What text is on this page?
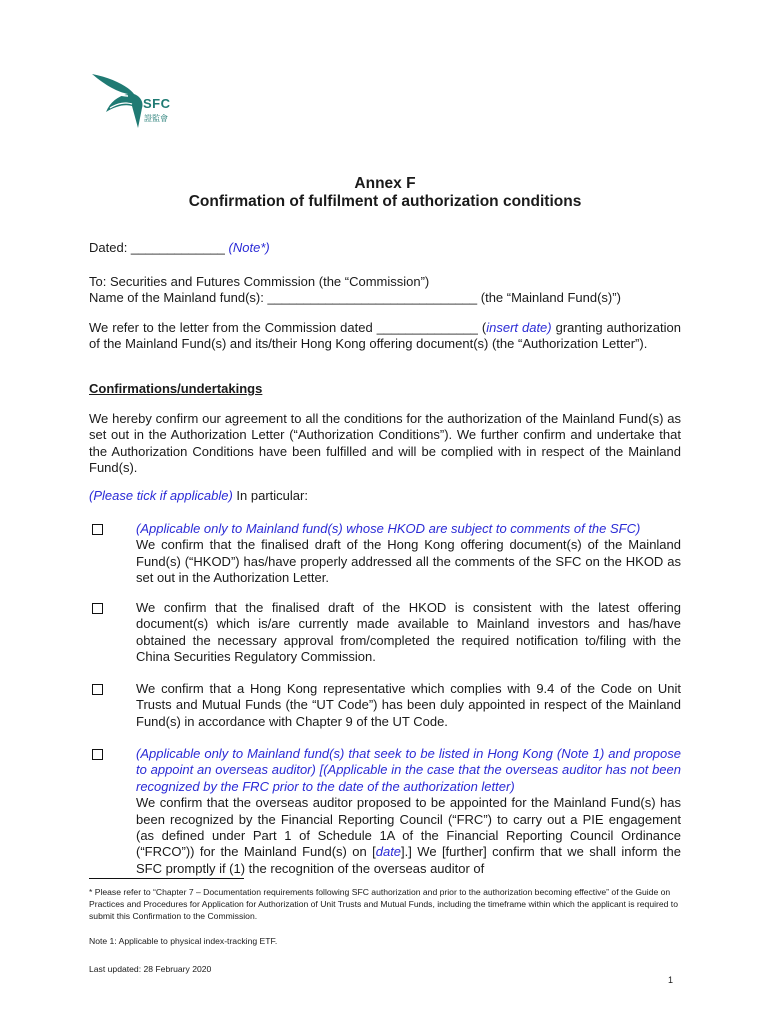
SFC
證監會
Annex F
Confirmation of fulfilment of authorization conditions

Dated: _____________ (Note*)

To: Securities and Futures Commission (the “Commission”)

Name of the Mainland fund(s): _____________________________ (the “Mainland Fund(s)”)

We refer to the letter from the Commission dated ______________ (insert date) granting authorization of the Mainland Fund(s) and its/their Hong Kong offering document(s) (the “Authorization Letter”).

Confirmations/undertakings

We hereby confirm our agreement to all the conditions for the authorization of the Mainland Fund(s) as set out in the Authorization Letter (“Authorization Conditions”). We further confirm and undertake that the Authorization Conditions have been fulfilled and will be complied with in respect of the Mainland Fund(s).

(Please tick if applicable) In particular:

(Applicable only to Mainland fund(s) whose HKOD are subject to comments of the SFC)
We confirm that the finalised draft of the Hong Kong offering document(s) of the Mainland Fund(s) (“HKOD”) has/have properly addressed all the comments of the SFC on the HKOD as set out in the Authorization Letter.

We confirm that the finalised draft of the HKOD is consistent with the latest offering document(s) which is/are currently made available to Mainland investors and has/have obtained the necessary approval from/completed the required notification to/filing with the China Securities Regulatory Commission.

We confirm that a Hong Kong representative which complies with 9.4 of the Code on Unit Trusts and Mutual Funds (the “UT Code”) has been duly appointed in respect of the Mainland Fund(s) in accordance with Chapter 9 of the UT Code.

(Applicable only to Mainland fund(s) that seek to be listed in Hong Kong (Note 1) and propose to appoint an overseas auditor) [(Applicable in the case that the overseas auditor has not been recognized by the FRC prior to the date of the authorization letter)
We confirm that the overseas auditor proposed to be appointed for the Mainland Fund(s) has been recognized by the Financial Reporting Council (“FRC”) to carry out a PIE engagement (as defined under Part 1 of Schedule 1A of the Financial Reporting Council Ordinance (“FRCO”)) for the Mainland Fund(s) on [date].] We [further] confirm that we shall inform the SFC promptly if (1) the recognition of the overseas auditor of

* Please refer to “Chapter 7 – Documentation requirements following SFC authorization and prior to the authorization becoming effective” of the Guide on Practices and Procedures for Application for Authorization of Unit Trusts and Mutual Funds, including the timeframe within which the applicant is required to submit this Confirmation to the Commission.

Note 1: Applicable to physical index-tracking ETF.

Last updated: 28 February 2020

1
